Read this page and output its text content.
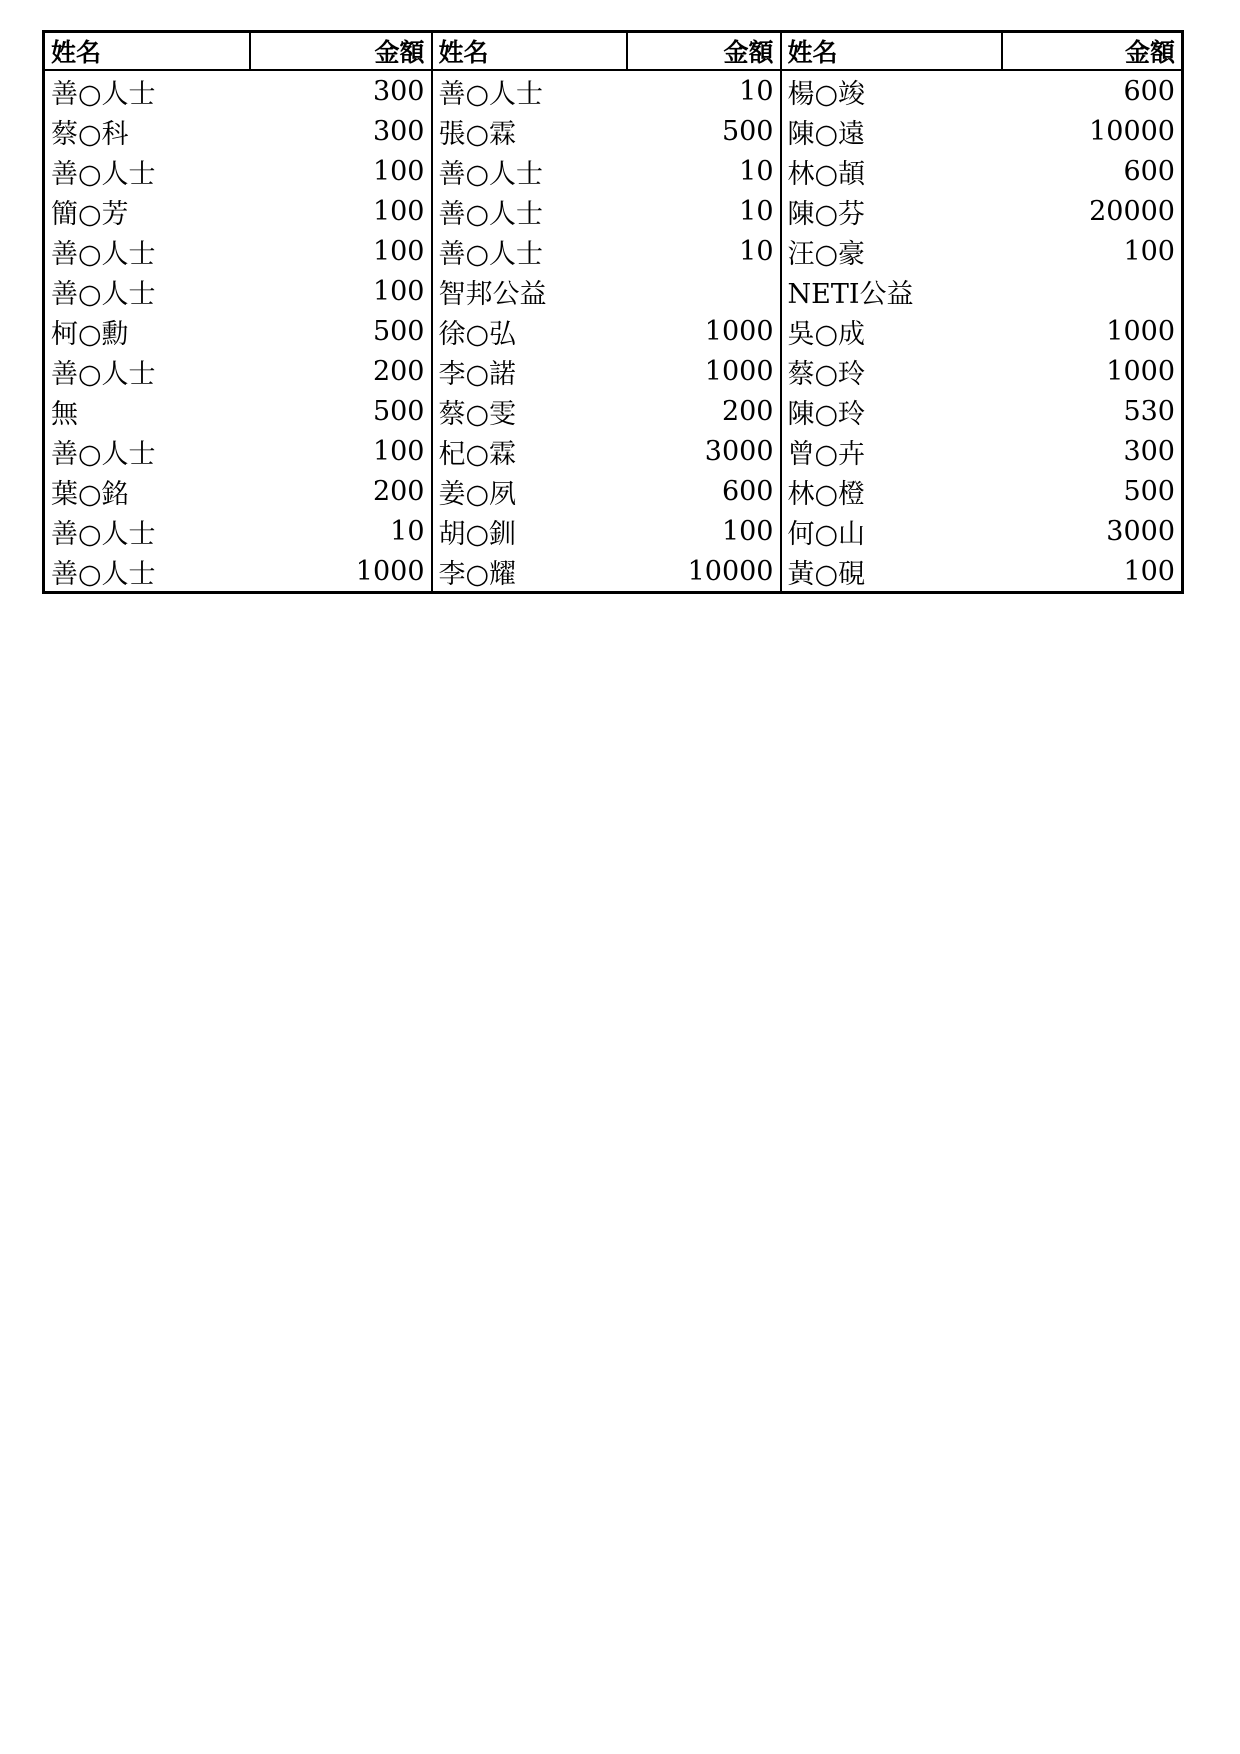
姓名	金額	姓名	金額	姓名	金額
善○人士	300	善○人士	10	楊○竣	600
蔡○科	300	張○霖	500	陳○遠	10000
善○人士	100	善○人士	10	林○頡	600
簡○芳	100	善○人士	10	陳○芬	20000
善○人士	100	善○人士	10	汪○豪	100
善○人士	100	智邦公益		NETI公益	
柯○勳	500	徐○弘	1000	吳○成	1000
善○人士	200	李○諾	1000	蔡○玲	1000
無	500	蔡○雯	200	陳○玲	530
善○人士	100	杞○霖	3000	曾○卉	300
葉○銘	200	姜○夙	600	林○橙	500
善○人士	10	胡○釧	100	何○山	3000
善○人士	1000	李○耀	10000	黃○硯	100
